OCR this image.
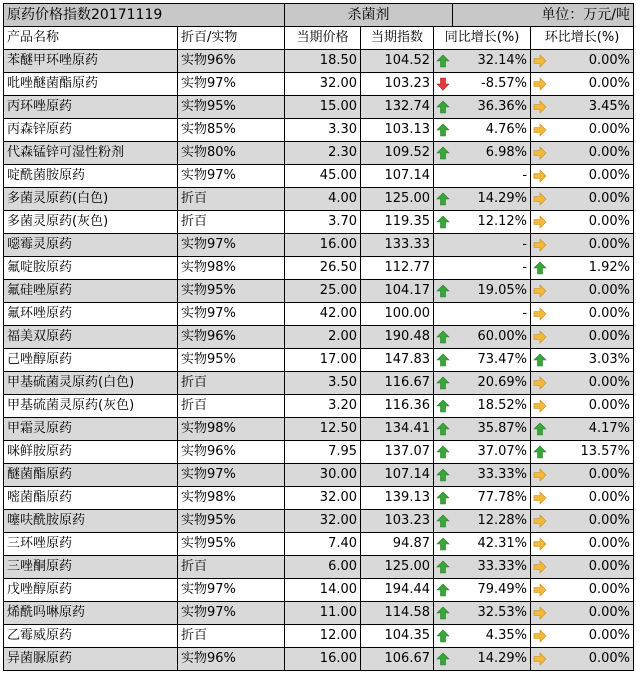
原药价格指数20171119		杀菌剂			单位：万元/吨		
产品名称	折百/实物	当期价格	当期指数	同比增长(%)		环比增长(%)	
苯醚甲环唑原药	实物96%	18.50	104.52		32.14%		0.00%
吡唑醚菌酯原药	实物97%	32.00	103.23		-8.57%		0.00%
丙环唑原药	实物95%	15.00	132.74		36.36%		3.45%
丙森锌原药	实物85%	3.30	103.13		4.76%		0.00%
代森锰锌可湿性粉剂	实物80%	2.30	109.52		6.98%		0.00%
啶酰菌胺原药	实物97%	45.00	107.14		-		0.00%
多菌灵原药(白色)	折百	4.00	125.00		14.29%		0.00%
多菌灵原药(灰色)	折百	3.70	119.35		12.12%		0.00%
噁霉灵原药	实物97%	16.00	133.33		-		0.00%
氟啶胺原药	实物98%	26.50	112.77		-		1.92%
氟硅唑原药	实物95%	25.00	104.17		19.05%		0.00%
氟环唑原药	实物97%	42.00	100.00		-		0.00%
福美双原药	实物96%	2.00	190.48		60.00%		0.00%
己唑醇原药	实物95%	17.00	147.83		73.47%		3.03%
甲基硫菌灵原药(白色)	折百	3.50	116.67		20.69%		0.00%
甲基硫菌灵原药(灰色)	折百	3.20	116.36		18.52%		0.00%
甲霜灵原药	实物98%	12.50	134.41		35.87%		4.17%
咪鲜胺原药	实物96%	7.95	137.07		37.07%		13.57%
醚菌酯原药	实物97%	30.00	107.14		33.33%		0.00%
嘧菌酯原药	实物98%	32.00	139.13		77.78%		0.00%
噻呋酰胺原药	实物95%	32.00	103.23		12.28%		0.00%
三环唑原药	实物95%	7.40	94.87		42.31%		0.00%
三唑酮原药	折百	6.00	125.00		33.33%		0.00%
戊唑醇原药	实物97%	14.00	194.44		79.49%		0.00%
烯酰吗啉原药	实物97%	11.00	114.58		32.53%		0.00%
乙霉威原药	折百	12.00	104.35		4.35%		0.00%
异菌脲原药	实物96%	16.00	106.67		14.29%		0.00%
